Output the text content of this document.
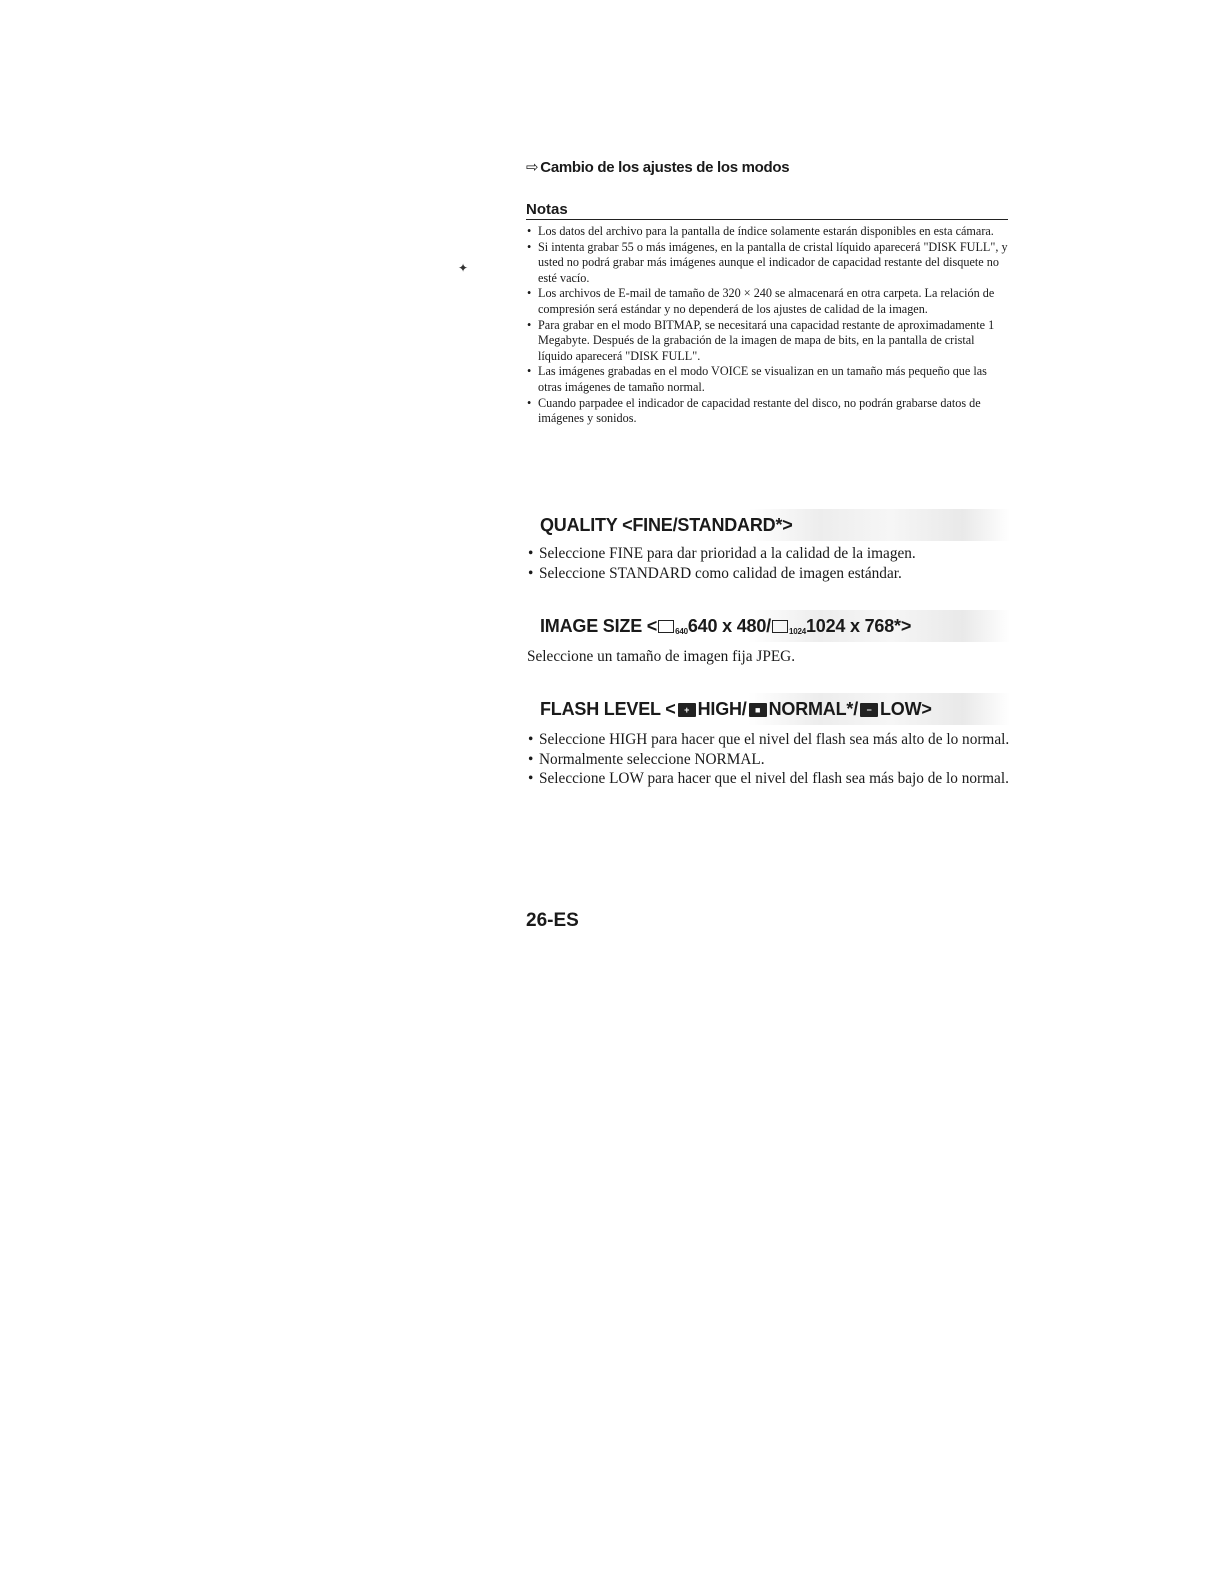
✦
⇨ Cambio de los ajustes de los modos
Notas
• Los datos del archivo para la pantalla de índice solamente estarán disponibles en esta cámara.
• Si intenta grabar 55 o más imágenes, en la pantalla de cristal líquido aparecerá "DISK FULL", y usted no podrá grabar más imágenes aunque el indicador de capacidad restante del disquete no esté vacío.
• Los archivos de E-mail de tamaño de 320 × 240 se almacenará en otra carpeta. La relación de compresión será estándar y no dependerá de los ajustes de calidad de la imagen.
• Para grabar en el modo BITMAP, se necesitará una capacidad restante de aproximadamente 1 Megabyte. Después de la grabación de la imagen de mapa de bits, en la pantalla de cristal líquido aparecerá "DISK FULL".
• Las imágenes grabadas en el modo VOICE se visualizan en un tamaño más pequeño que las otras imágenes de tamaño normal.
• Cuando parpadee el indicador de capacidad restante del disco, no podrán grabarse datos de imágenes y sonidos.
QUALITY <FINE/STANDARD*>
• Seleccione FINE para dar prioridad a la calidad de la imagen.
• Seleccione STANDARD como calidad de imagen estándar.
IMAGE SIZE < 640640 x 480/ 10241024 x 768*>
Seleccione un tamaño de imagen fija JPEG.
FLASH LEVEL < + HIGH/ ■ NORMAL*/ − LOW>
• Seleccione HIGH para hacer que el nivel del flash sea más alto de lo normal.
• Normalmente seleccione NORMAL.
• Seleccione LOW para hacer que el nivel del flash sea más bajo de lo normal.
26-ES
